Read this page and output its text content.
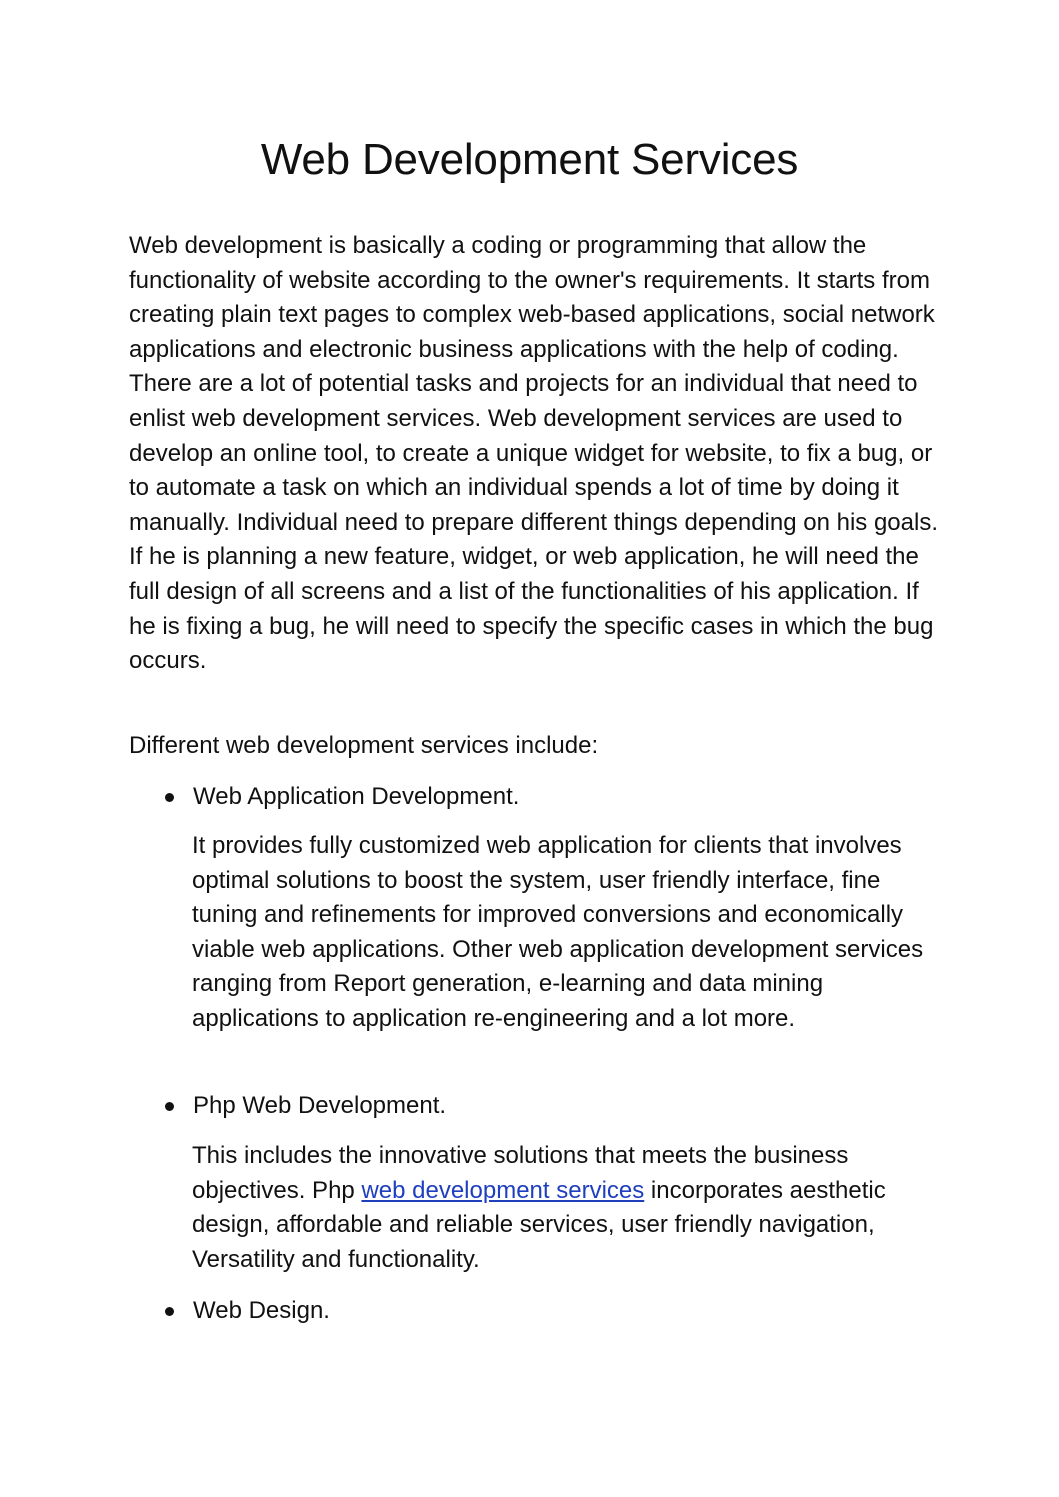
Web Development Services

Web development is basically a coding or programming that allow the functionality of website according to the owner's requirements. It starts from creating plain text pages to complex web-based applications, social network applications and electronic business applications with the help of coding. There are a lot of potential tasks and projects for an individual that need to enlist web development services. Web development services are used to develop an online tool, to create a unique widget for website, to fix a bug, or to automate a task on which an individual spends a lot of time by doing it manually. Individual need to prepare different things depending on his goals. If he is planning a new feature, widget, or web application, he will need the full design of all screens and a list of the functionalities of his application. If he is fixing a bug, he will need to specify the specific cases in which the bug occurs.

Different web development services include:

Web Application Development.

It provides fully customized web application for clients that involves optimal solutions to boost the system, user friendly interface, fine tuning and refinements for improved conversions and economically viable web applications. Other web application development services ranging from Report generation, e-learning and data mining applications to application re-engineering and a lot more.

Php Web Development.

This includes the innovative solutions that meets the business objectives. Php web development services incorporates aesthetic design, affordable and reliable services, user friendly navigation, Versatility and functionality.

Web Design.
